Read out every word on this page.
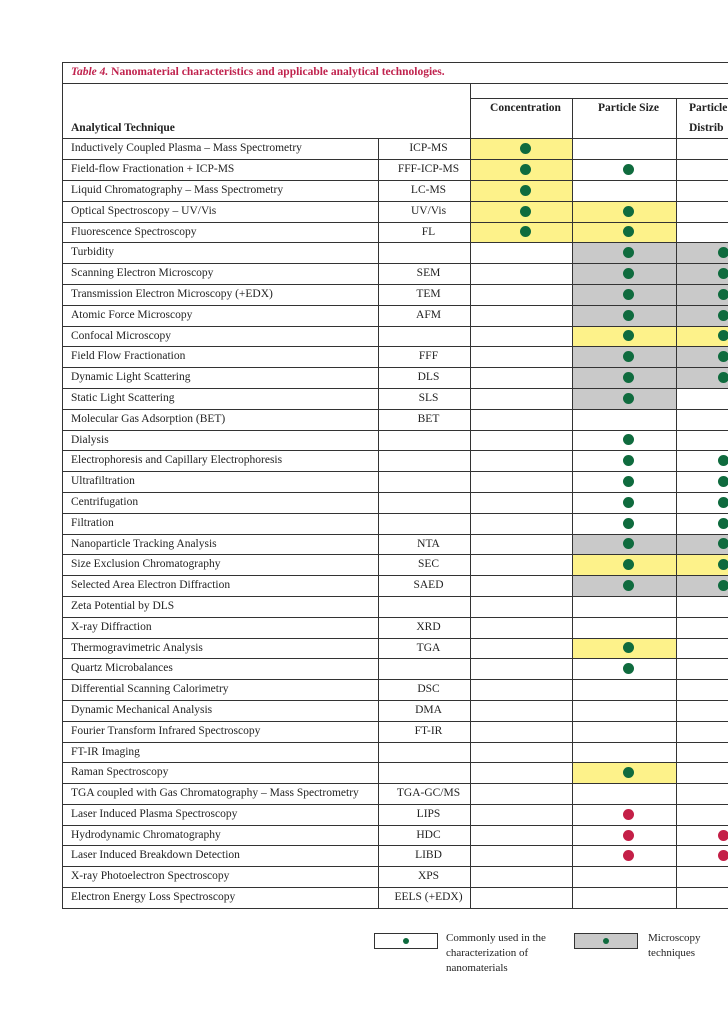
Table 4. Nanomaterial characteristics and applicable analytical technologies.				
Analytical Technique				
		Concentration	Particle Size	Particle
Distrib
Inductively Coupled Plasma – Mass Spectrometry	ICP-MS			
Field-flow Fractionation + ICP-MS	FFF-ICP-MS			
Liquid Chromatography – Mass Spectrometry	LC-MS			
Optical Spectroscopy – UV/Vis	UV/Vis			
Fluorescence Spectroscopy	FL			
Turbidity				
Scanning Electron Microscopy	SEM			
Transmission Electron Microscopy (+EDX)	TEM			
Atomic Force Microscopy	AFM			
Confocal Microscopy				
Field Flow Fractionation	FFF			
Dynamic Light Scattering	DLS			
Static Light Scattering	SLS			
Molecular Gas Adsorption (BET)	BET			
Dialysis				
Electrophoresis and Capillary Electrophoresis				
Ultrafiltration				
Centrifugation				
Filtration				
Nanoparticle Tracking Analysis	NTA			
Size Exclusion Chromatography	SEC			
Selected Area Electron Diffraction	SAED			
Zeta Potential by DLS				
X-ray Diffraction	XRD			
Thermogravimetric Analysis	TGA			
Quartz Microbalances				
Differential Scanning Calorimetry	DSC			
Dynamic Mechanical Analysis	DMA			
Fourier Transform Infrared Spectroscopy	FT-IR			
FT-IR Imaging				
Raman Spectroscopy				
TGA coupled with Gas Chromatography – Mass Spectrometry	TGA-GC/MS			
Laser Induced Plasma Spectroscopy	LIPS			
Hydrodynamic Chromatography	HDC			
Laser Induced Breakdown Detection	LIBD			
X-ray Photoelectron Spectroscopy	XPS			
Electron Energy Loss Spectroscopy	EELS (+EDX)			
Commonly used in the
characterization of
nanomaterials
Microscopy
techniques
